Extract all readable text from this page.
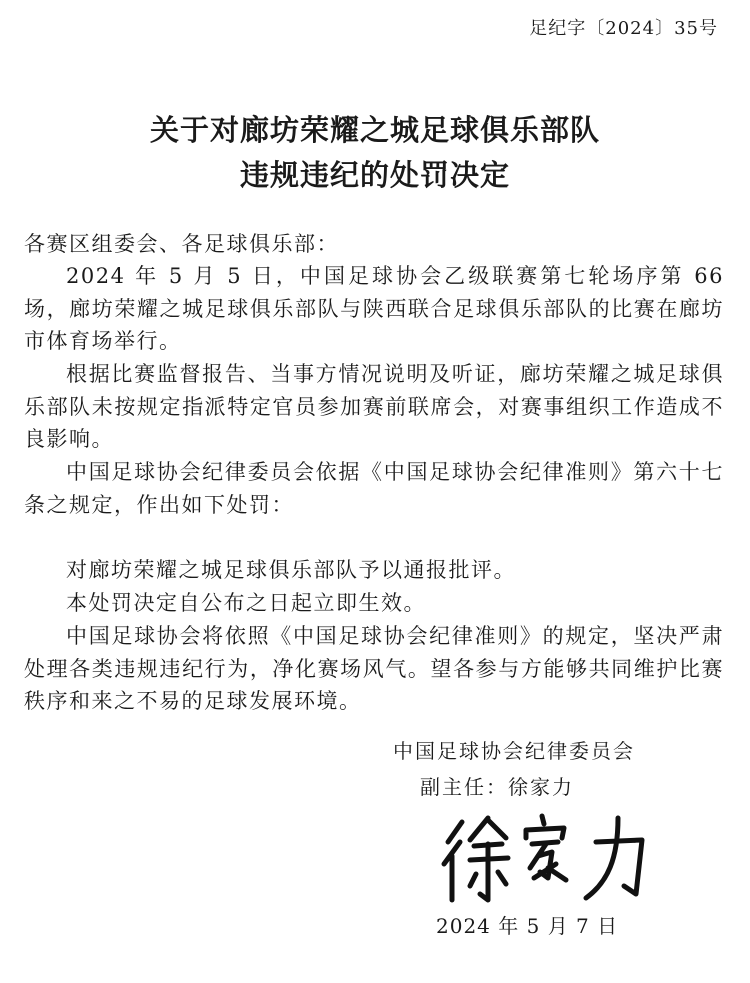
足纪字〔2024〕35号
关于对廊坊荣耀之城足球俱乐部队
违规违纪的处罚决定
各赛区组委会、各足球俱乐部：

2024 年 5 月 5 日，中国足球协会乙级联赛第七轮场序第 66 场，廊坊荣耀之城足球俱乐部队与陕西联合足球俱乐部队的比赛在廊坊市体育场举行。

根据比赛监督报告、当事方情况说明及听证，廊坊荣耀之城足球俱乐部队未按规定指派特定官员参加赛前联席会，对赛事组织工作造成不良影响。

中国足球协会纪律委员会依据《中国足球协会纪律准则》第六十七条之规定，作出如下处罚：

对廊坊荣耀之城足球俱乐部队予以通报批评。

本处罚决定自公布之日起立即生效。

中国足球协会将依照《中国足球协会纪律准则》的规定，坚决严肃处理各类违规违纪行为，净化赛场风气。望各参与方能够共同维护比赛秩序和来之不易的足球发展环境。

中国足球协会纪律委员会
副主任：徐家力
2024 年 5 月 7 日
